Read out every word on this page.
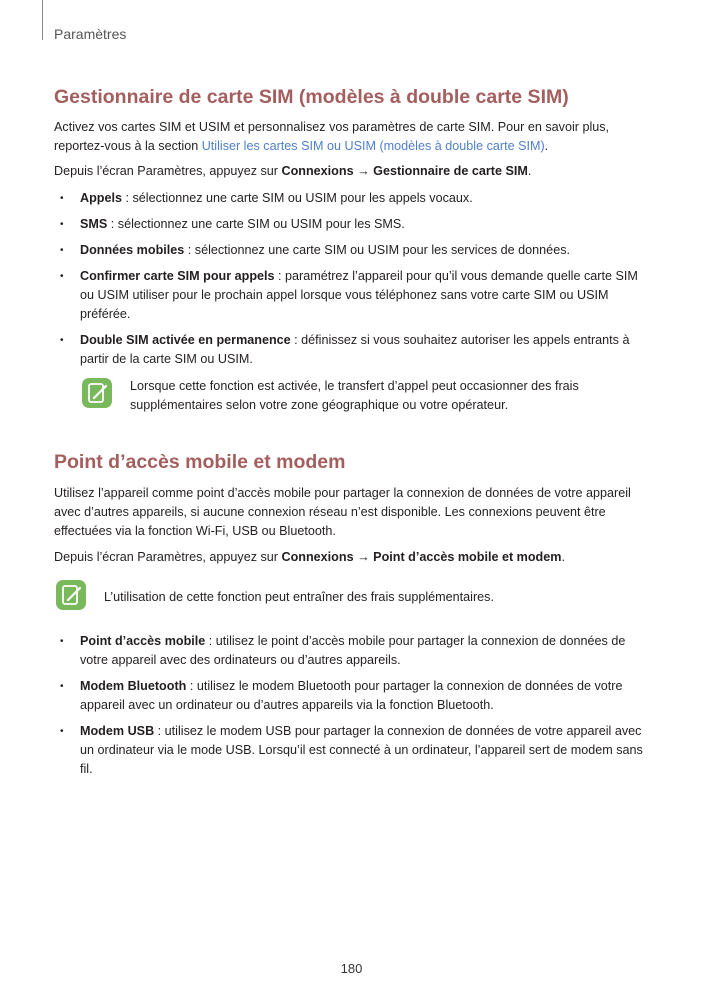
Paramètres
Gestionnaire de carte SIM (modèles à double carte SIM)

Activez vos cartes SIM et USIM et personnalisez vos paramètres de carte SIM. Pour en savoir plus, reportez-vous à la section Utiliser les cartes SIM ou USIM (modèles à double carte SIM).

Depuis l’écran Paramètres, appuyez sur Connexions → Gestionnaire de carte SIM.

• Appels : sélectionnez une carte SIM ou USIM pour les appels vocaux.
• SMS : sélectionnez une carte SIM ou USIM pour les SMS.
• Données mobiles : sélectionnez une carte SIM ou USIM pour les services de données.
• Confirmer carte SIM pour appels : paramétrez l’appareil pour qu’il vous demande quelle carte SIM ou USIM utiliser pour le prochain appel lorsque vous téléphonez sans votre carte SIM ou USIM préférée.
• Double SIM activée en permanence : définissez si vous souhaitez autoriser les appels entrants à partir de la carte SIM ou USIM.

Lorsque cette fonction est activée, le transfert d’appel peut occasionner des frais supplémentaires selon votre zone géographique ou votre opérateur.

Point d’accès mobile et modem

Utilisez l’appareil comme point d’accès mobile pour partager la connexion de données de votre appareil avec d’autres appareils, si aucune connexion réseau n’est disponible. Les connexions peuvent être effectuées via la fonction Wi-Fi, USB ou Bluetooth.

Depuis l’écran Paramètres, appuyez sur Connexions → Point d’accès mobile et modem.

L’utilisation de cette fonction peut entraîner des frais supplémentaires.

• Point d’accès mobile : utilisez le point d’accès mobile pour partager la connexion de données de votre appareil avec des ordinateurs ou d’autres appareils.
• Modem Bluetooth : utilisez le modem Bluetooth pour partager la connexion de données de votre appareil avec un ordinateur ou d’autres appareils via la fonction Bluetooth.
• Modem USB : utilisez le modem USB pour partager la connexion de données de votre appareil avec un ordinateur via le mode USB. Lorsqu’il est connecté à un ordinateur, l’appareil sert de modem sans fil.
180
